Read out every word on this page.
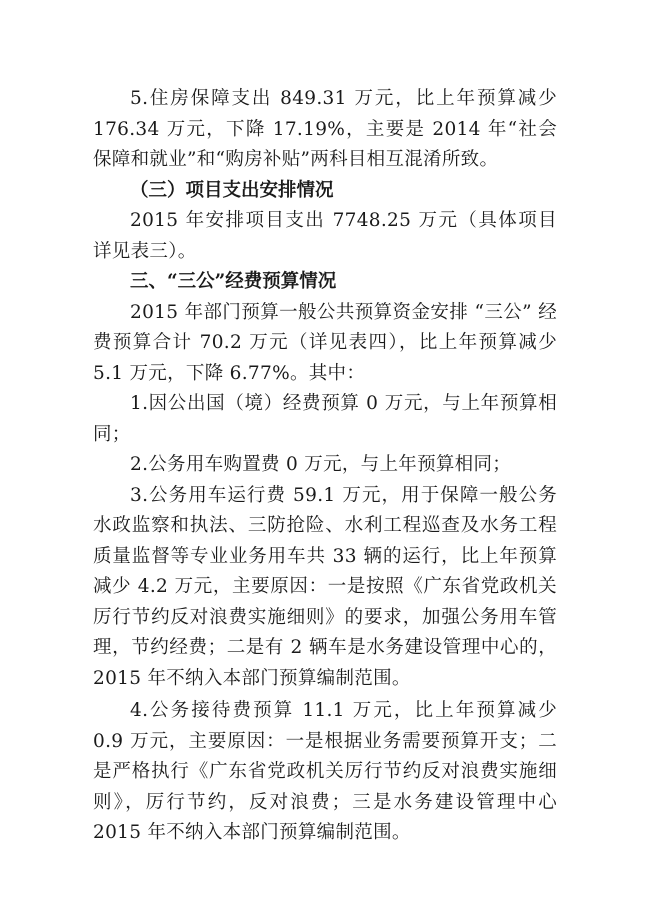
5.住房保障支出 849.31 万元，比上年预算减少 176.34 万元，下降 17.19%，主要是 2014 年“社会保障和就业”和“购房补贴”两科目相互混淆所致。

（三）项目支出安排情况

2015 年安排项目支出 7748.25 万元（具体项目详见表三）。

三、“三公”经费预算情况

2015 年部门预算一般公共预算资金安排 “三公” 经费预算合计 70.2 万元（详见表四），比上年预算减少 5.1 万元，下降 6.77%。其中：

1.因公出国（境）经费预算 0 万元，与上年预算相同；

2.公务用车购置费 0 万元，与上年预算相同；

3.公务用车运行费 59.1 万元，用于保障一般公务水政监察和执法、三防抢险、水利工程巡查及水务工程质量监督等专业业务用车共 33 辆的运行，比上年预算减少 4.2 万元，主要原因：一是按照《广东省党政机关厉行节约反对浪费实施细则》的要求，加强公务用车管理，节约经费；二是有 2 辆车是水务建设管理中心的，2015 年不纳入本部门预算编制范围。

4.公务接待费预算 11.1 万元，比上年预算减少 0.9 万元，主要原因：一是根据业务需要预算开支；二是严格执行《广东省党政机关厉行节约反对浪费实施细则》，厉行节约，反对浪费；三是水务建设管理中心 2015 年不纳入本部门预算编制范围。
